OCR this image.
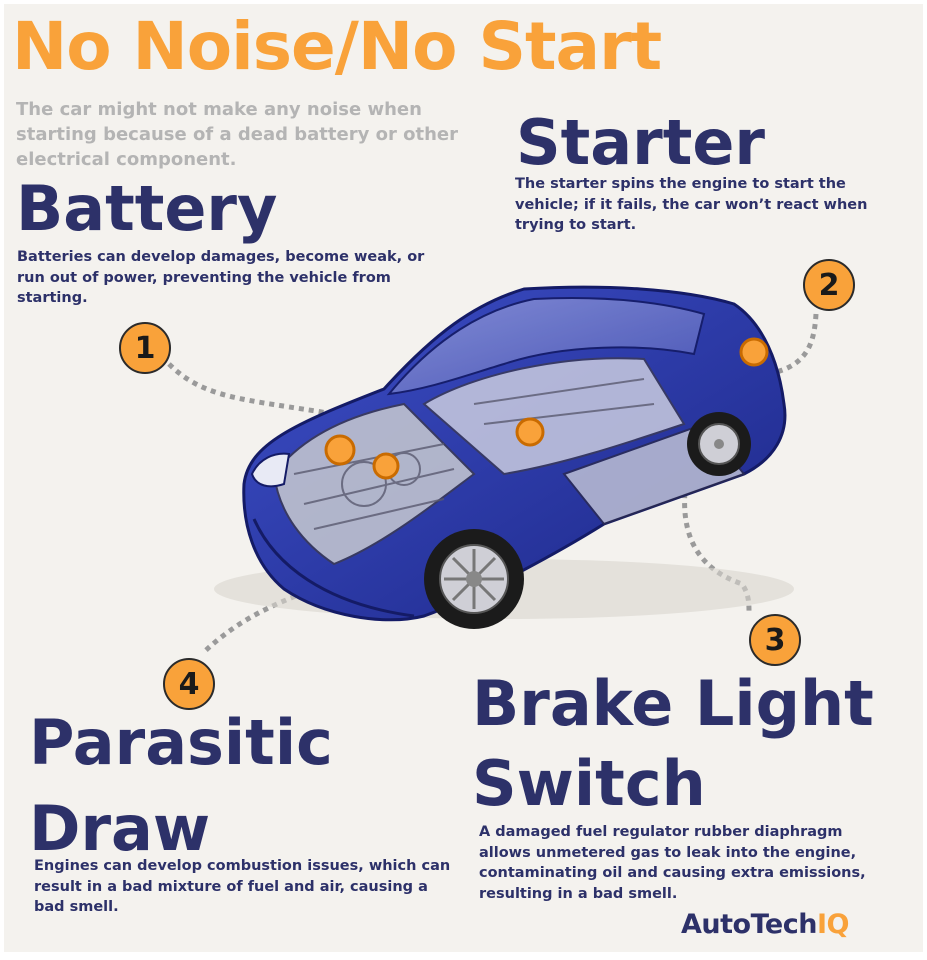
No Noise/No Start

The car might not make any noise when starting because of a dead battery or other electrical component.

Battery

Batteries can develop damages, become weak, or run out of power, preventing the vehicle from starting.

Starter

The starter spins the engine to start the vehicle; if it fails, the car won’t react when trying to start.

1
2
3
4	Brake Light Switch

A damaged fuel regulator rubber diaphragm allows unmetered gas to leak into the engine, contaminating oil and causing extra emissions, resulting in a bad smell.

Parasitic Draw

Engines can develop combustion issues, which can result in a bad mixture of fuel and air, causing a bad smell.

AutoTechIQ
